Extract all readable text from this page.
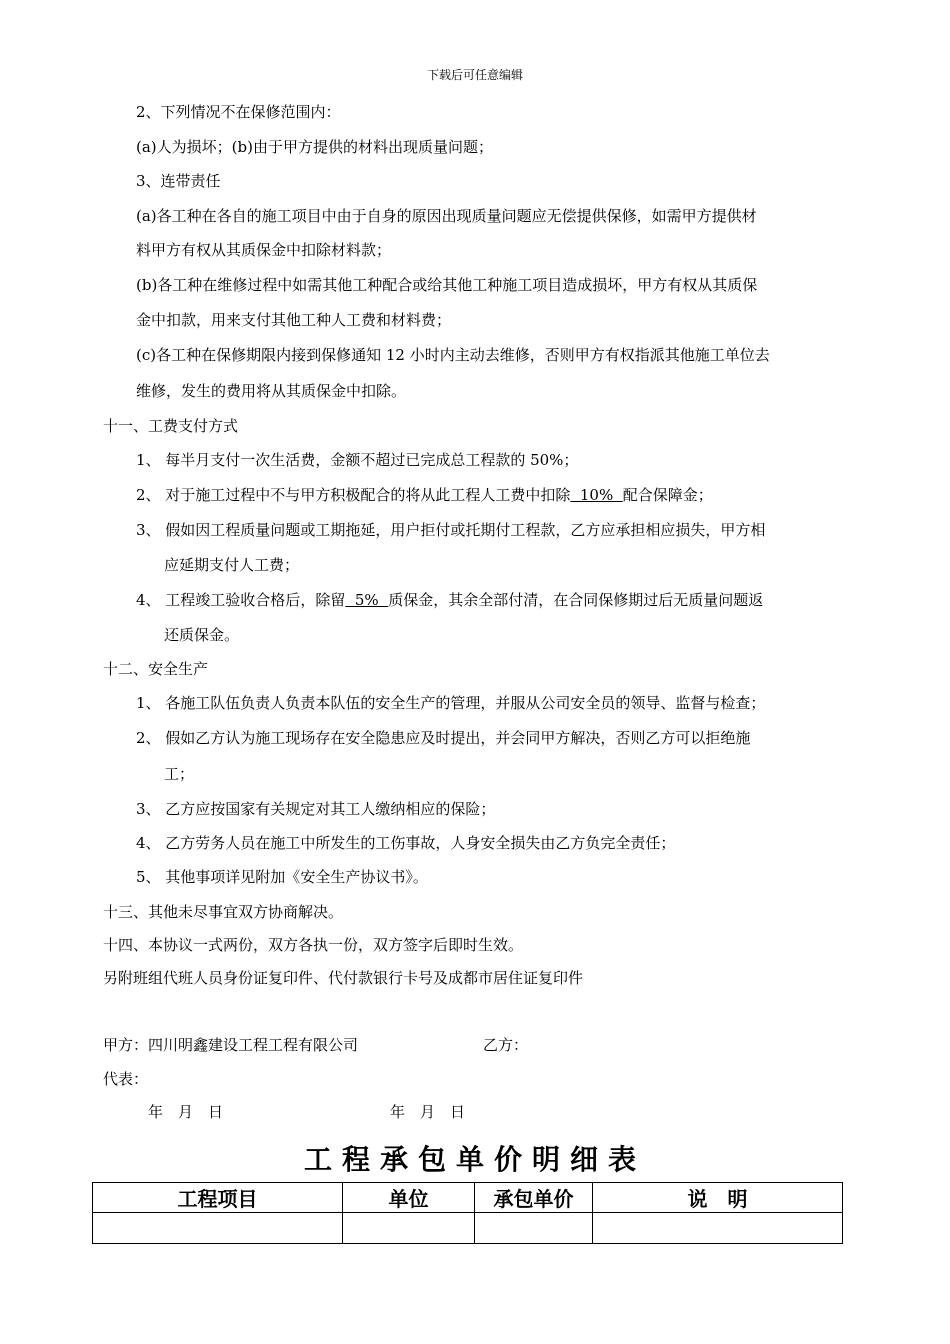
下载后可任意编辑
2、下列情况不在保修范围内：
(a)人为损坏；(b)由于甲方提供的材料出现质量问题；
3、连带责任
(a)各工种在各自的施工项目中由于自身的原因出现质量问题应无偿提供保修，如需甲方提供材
料甲方有权从其质保金中扣除材料款；
(b)各工种在维修过程中如需其他工种配合或给其他工种施工项目造成损坏，甲方有权从其质保
金中扣款，用来支付其他工种人工费和材料费；
(c)各工种在保修期限内接到保修通知 12 小时内主动去维修，否则甲方有权指派其他施工单位去
维修，发生的费用将从其质保金中扣除。
十一、工费支付方式
1、 每半月支付一次生活费，金额不超过已完成总工程款的 50%；
2、 对于施工过程中不与甲方积极配合的将从此工程人工费中扣除  10%  配合保障金；
3、 假如因工程质量问题或工期拖延，用户拒付或托期付工程款，乙方应承担相应损失，甲方相
应延期支付人工费；
4、 工程竣工验收合格后，除留  5%  质保金，其余全部付清，在合同保修期过后无质量问题返
还质保金。
十二、安全生产
1、 各施工队伍负责人负责本队伍的安全生产的管理，并服从公司安全员的领导、监督与检查；
2、 假如乙方认为施工现场存在安全隐患应及时提出，并会同甲方解决，否则乙方可以拒绝施
工；
3、 乙方应按国家有关规定对其工人缴纳相应的保险；
4、 乙方劳务人员在施工中所发生的工伤事故，人身安全损失由乙方负完全责任；
5、 其他事项详见附加《安全生产协议书》。
十三、其他未尽事宜双方协商解决。
十四、本协议一式两份，双方各执一份，双方签字后即时生效。
另附班组代班人员身份证复印件、代付款银行卡号及成都市居住证复印件
甲方：四川明鑫建设工程工程有限公司	乙方：
代表：
年　月　日	年　月　日
工程承包单价明细表
工程项目	单位	承包单价	说　明
